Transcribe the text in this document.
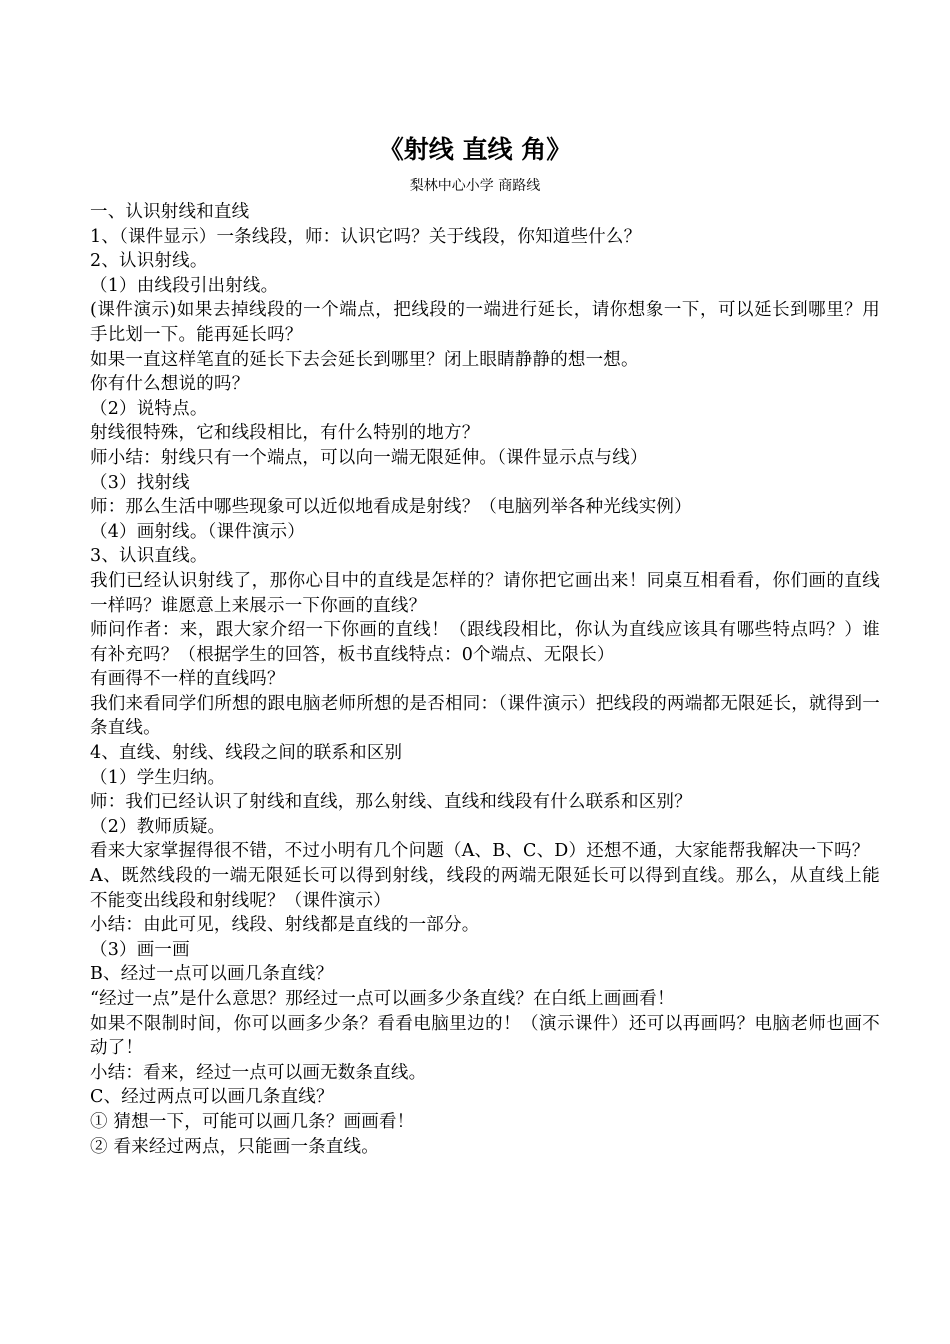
《射线 直线 角》
梨林中心小学 商路线

一、认识射线和直线

1、（课件显示）一条线段，师：认识它吗？关于线段，你知道些什么？

2、认识射线。

（1）由线段引出射线。

(课件演示)如果去掉线段的一个端点，把线段的一端进行延长，请你想象一下，可以延长到哪里？用手比划一下。能再延长吗？

如果一直这样笔直的延长下去会延长到哪里？闭上眼睛静静的想一想。

你有什么想说的吗？

（2）说特点。

射线很特殊，它和线段相比，有什么特别的地方？

师小结：射线只有一个端点，可以向一端无限延伸。（课件显示点与线）

（3）找射线

师：那么生活中哪些现象可以近似地看成是射线？（电脑列举各种光线实例）

（4）画射线。（课件演示）

3、认识直线。

我们已经认识射线了，那你心目中的直线是怎样的？请你把它画出来！同桌互相看看，你们画的直线一样吗？谁愿意上来展示一下你画的直线？

师问作者：来，跟大家介绍一下你画的直线！（跟线段相比，你认为直线应该具有哪些特点吗？）谁有补充吗？（根据学生的回答，板书直线特点：0个端点、无限长）

有画得不一样的直线吗？

我们来看同学们所想的跟电脑老师所想的是否相同：（课件演示）把线段的两端都无限延长，就得到一条直线。

4、直线、射线、线段之间的联系和区别

（1）学生归纳。

师：我们已经认识了射线和直线，那么射线、直线和线段有什么联系和区别？

（2）教师质疑。

看来大家掌握得很不错，不过小明有几个问题（A、B、C、D）还想不通，大家能帮我解决一下吗？

A、既然线段的一端无限延长可以得到射线，线段的两端无限延长可以得到直线。那么，从直线上能不能变出线段和射线呢？（课件演示）

小结：由此可见，线段、射线都是直线的一部分。

（3）画一画

B、经过一点可以画几条直线？

“经过一点”是什么意思？那经过一点可以画多少条直线？在白纸上画画看！

如果不限制时间，你可以画多少条？看看电脑里边的！（演示课件）还可以再画吗？电脑老师也画不动了！

小结：看来，经过一点可以画无数条直线。

C、经过两点可以画几条直线？

① 猜想一下，可能可以画几条？画画看！

② 看来经过两点，只能画一条直线。
